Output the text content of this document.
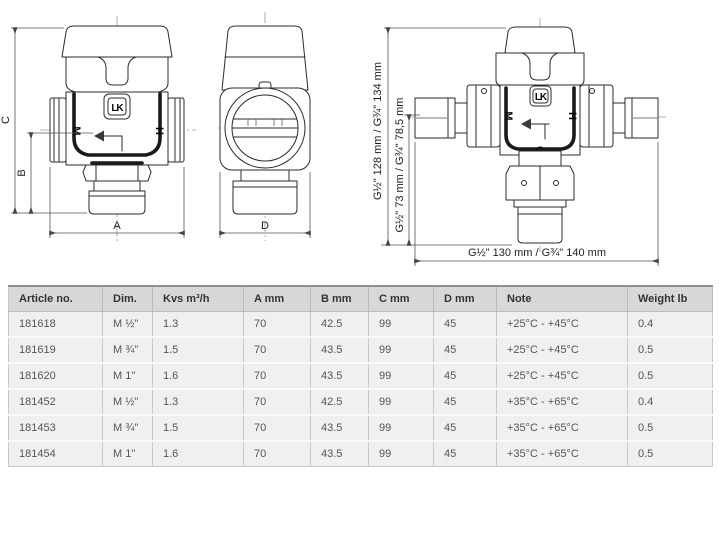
LK
M	H
C
B
A	D
LK
M	H
G½" 128 mm / G¾" 134 mm G½" 73 mm / G¾" 78,5 mm
G½" 130 mm / G¾" 140 mm
Article no.	Dim.	Kvs m³/h	A mm	B mm	C mm	D mm	Note	Weight lb
181618	M ½"	1.3	70	42.5	99	45	+25°C - +45°C	0.4
181619	M ¾"	1.5	70	43.5	99	45	+25°C - +45°C	0.5
181620	M 1"	1.6	70	43.5	99	45	+25°C - +45°C	0.5
181452	M ½"	1.3	70	42.5	99	45	+35°C - +65°C	0.4
181453	M ¾"	1.5	70	43.5	99	45	+35°C - +65°C	0.5
181454	M 1"	1.6	70	43.5	99	45	+35°C - +65°C	0.5
